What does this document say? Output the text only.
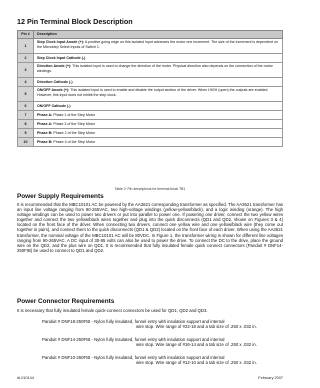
12 Pin Terminal Block Description
Pin #	Description
1	Step Clock Input Anode (+): A positive going edge on this isolated input advances the motor one increment. The size of the increment is dependent on the Microstep Select Inputs of Switch 1.
2	Step Clock Input Cathode (-)
3	Direction Anode (+): This isolated input is used to change the direction of the motor. Physical direction also depends on the connection of the motor windings.
4	Direction Cathode (-)
5	ON/OFF Anode (+): This isolated input is used to enable and disable the output section of the driver. When HIGH (open) the outputs are enabled. However, this input does not inhibit the step clock.
6	ON/OFF Cathode (-)
7	Phase A: Phase 1 of the Step Motor
8	Phase A: Phase 3 of the Step Motor
9	Phase B: Phase 2 of the Step Motor
10	Phase B: Phase 4 of the Step Motor
Table 2: Pin descriptions for terminal block TB1
Power Supply Requirements
It is recommended that the MBC10101 AC be powered by the AA3621 corresponding transformer as specified. The AA3621 transformer has an input line voltage ranging from 90-265VAC, two high-voltage windings (yellow-yellow/black), and a logic winding (orange). The high voltage windings can be used to power two drivers or put into parallel to power one. If powering one driver, connect the two yellow wires together and connect the two yellow/black wires together and plug into the quick disconnects (QD1 and QD2, shown on Figures 3 & 4) located on the front face of the driver. When connecting two drivers, connect one yellow wire and one yellow/black wire (they come out together in pairs), and connect them to the quick disconnects (QD1 & QD2) located on the front face of each driver. When using the AA3621 transformer, the nominal voltage of the MBC10101 AC will be 80VDC. In Figure 1, the transformer wiring is shown for different line voltages ranging from 90-265VAC. A DC input of 30-85 volts can also be used to power the drive. To connect the DC to the drive, place the ground wire on the QD2, and the plus wire on QD1. It is recommended that fully insulated female quick connect connectors (Panduit # DNF14-250FIB) be used to connect to QD1 and QD2.
Power Connector Requirements
It is necessary that fully insulated female quick-connect connectors be used for QD1, QD2 and QD3.
Panduit # DNF18-250FIB - Nylon fully insulated, funnel entry with insulation support and internal
wire stop. Wire range of #22-18 and a tab size of .250 x .032 in.
Panduit # DNF14-250FIB - Nylon fully insulated, funnel entry with insulation support and internal
wire stop. Wire range of #16-14 and a tab size of .250 x .032 in.
Panduit # DNF10-250FIB - Nylon fully insulated, funnel entry with insulation support and internal
wire stop. Wire range of #12-10 and a tab size of .250 x .032 in.
#L010144	February 2007
